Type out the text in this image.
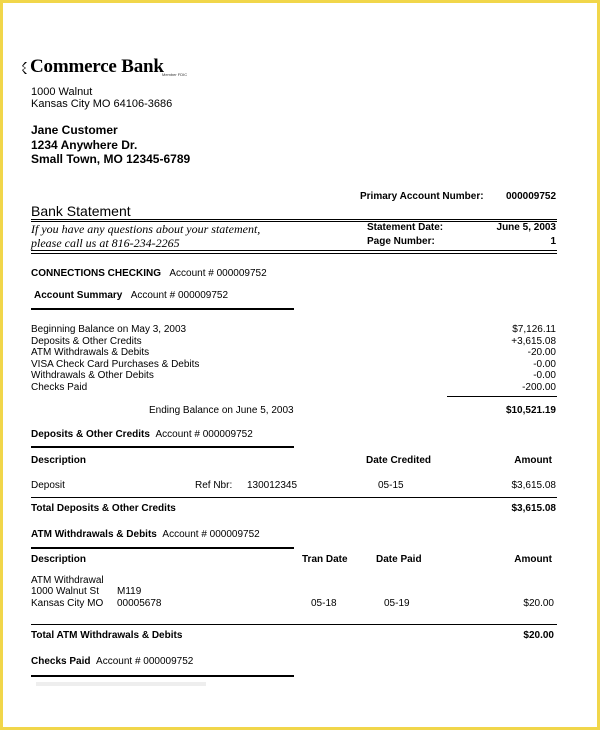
Commerce Bank
Member FDIC
1000 Walnut
Kansas City MO 64106-3686
Jane Customer
1234 Anywhere Dr.
Small Town, MO 12345-6789
Primary Account Number: 000009752
Bank Statement
If you have any questions about your statement,
please call us at 816-234-2265
Statement Date:	June 5, 2003
Page Number:	1
CONNECTIONS CHECKING Account # 000009752
Account Summary Account # 000009752
Beginning Balance on May 3, 2003	$7,126.11
Deposits & Other Credits	+3,615.08
ATM Withdrawals & Debits	-20.00
VISA Check Card Purchases & Debits	-0.00
Withdrawals & Other Debits	-0.00
Checks Paid	-200.00
Ending Balance on June 5, 2003	$10,521.19
Deposits & Other Credits Account # 000009752
Description	Date Credited	Amount
Deposit	Ref Nbr: 130012345	05-15	$3,615.08
Total Deposits & Other Credits	$3,615.08
ATM Withdrawals & Debits Account # 000009752
Description	Tran Date	Date Paid	Amount
ATM Withdrawal
1000 Walnut St M119
Kansas City MO 00005678	05-18	05-19	$20.00
Total ATM Withdrawals & Debits	$20.00
Checks Paid Account # 000009752
